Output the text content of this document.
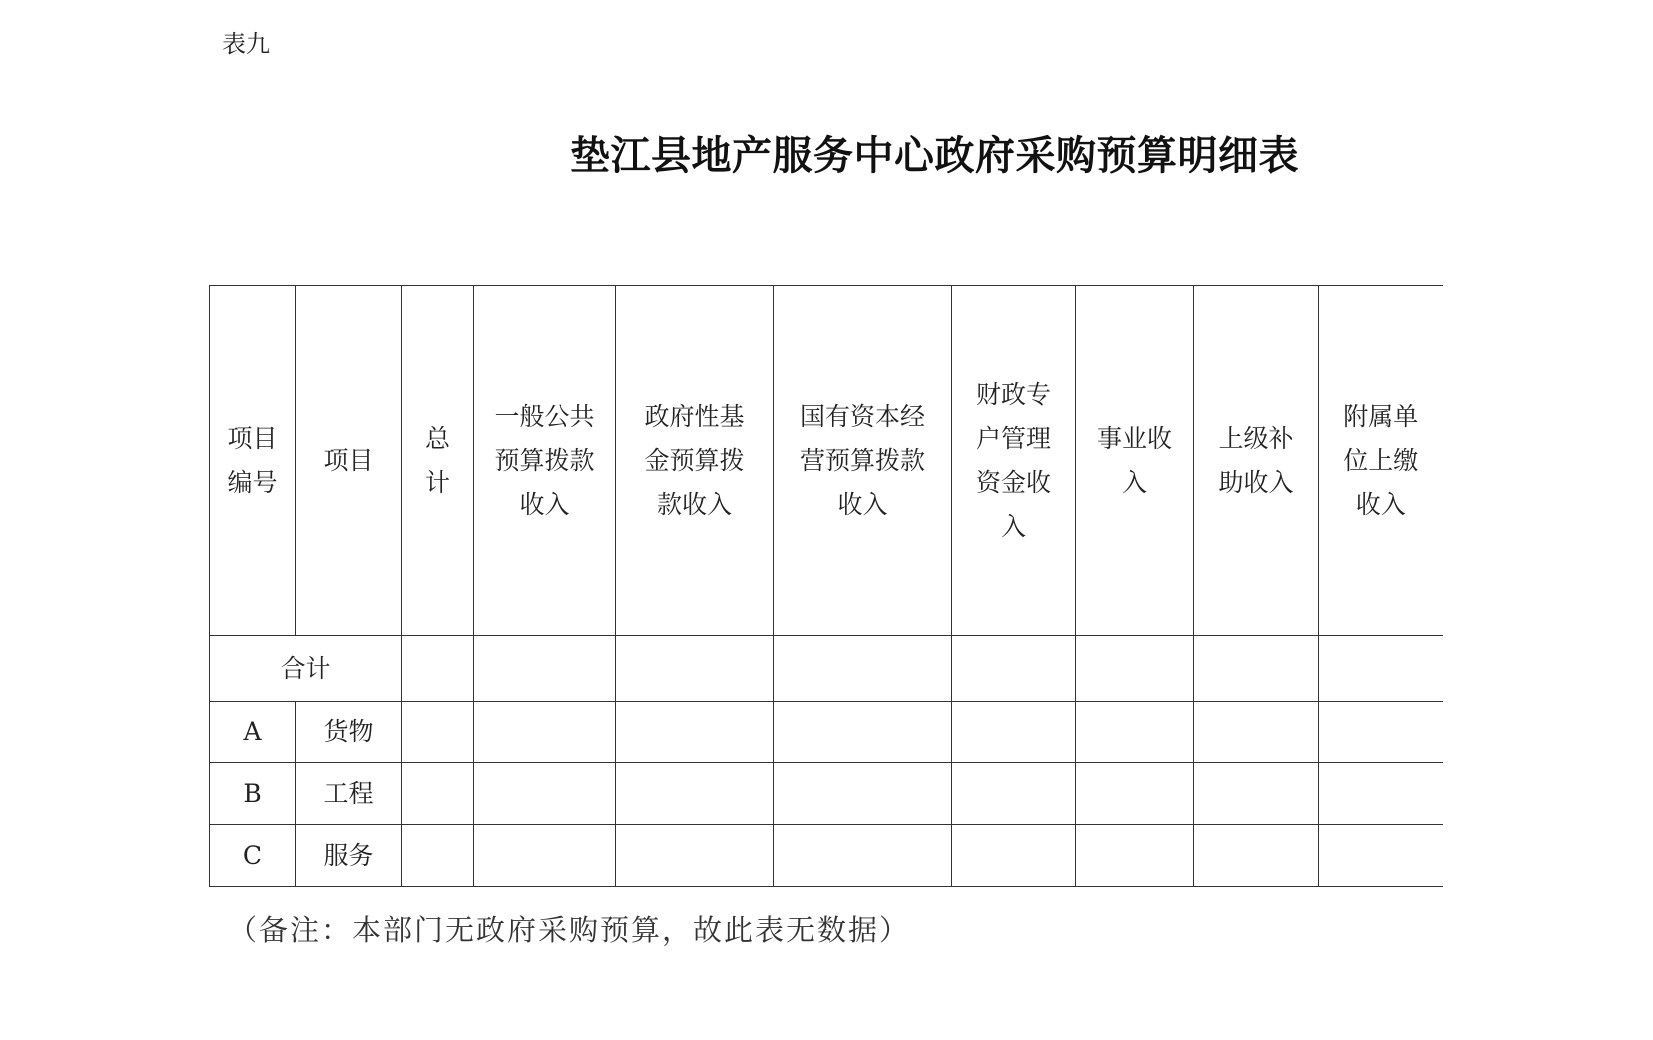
表九
垫江县地产服务中心政府采购预算明细表
项目编号	项目	总计	一般公共预算拨款收入	政府性基金预算拨款收入	国有资本经营预算拨款收入	财政专户管理资金收入	事业收入	上级补助收入	附属单位上缴收入
合计									
A	货物								
B	工程								
C	服务								
（备注：本部门无政府采购预算，故此表无数据）
